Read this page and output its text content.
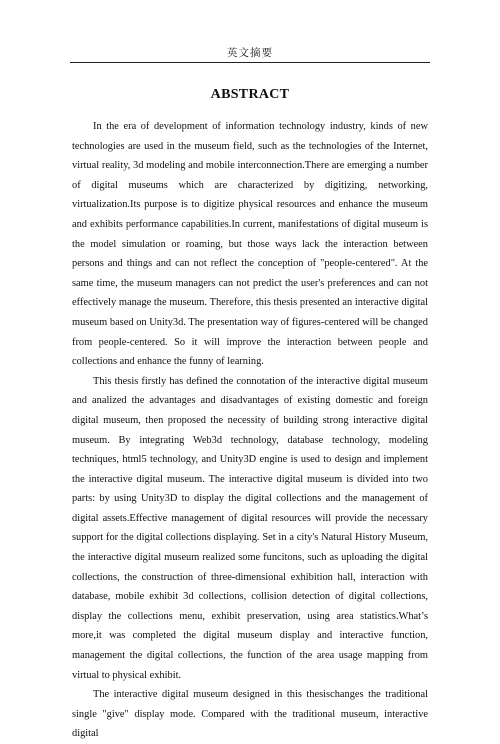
英文摘要
ABSTRACT

In the era of development of information technology industry, kinds of new technologies are used in the museum field, such as the technologies of the Internet, virtual reality, 3d modeling and mobile interconnection.There are emerging a number of digital museums which are characterized by digitizing, networking, virtualization.Its purpose is to digitize physical resources and enhance the museum and exhibits performance capabilities.In current, manifestations of digital museum is the model simulation or roaming, but those ways lack the interaction between persons and things and can not reflect the conception of "people-centered". At the same time, the museum managers can not predict the user's preferences and can not effectively manage the museum. Therefore, this thesis presented an interactive digital museum based on Unity3d. The presentation way of figures-centered will be changed from people-centered. So it will improve the interaction between people and collections and enhance the funny of learning.

This thesis firstly has defined the connotation of the interactive digital museum and analized the advantages and disadvantages of existing domestic and foreign digital museum, then proposed the necessity of building strong interactive digital museum. By integrating Web3d technology, database technology, modeling techniques, html5 technology, and Unity3D engine is used to design and implement the interactive digital museum. The interactive digital museum is divided into two parts: by using Unity3D to display the digital collections and the management of digital assets.Effective management of digital resources will provide the necessary support for the digital collections displaying. Set in a city's Natural History Museum, the interactive digital museum realized some funcitons, such as uploading the digital collections, the construction of three-dimensional exhibition hall, interaction with database, mobile exhibit 3d collections, collision detection of digital collections, display the collections menu, exhibit preservation, using area statistics.What’s more,it was completed the digital museum display and interactive function, management the digital collections, the function of the area usage mapping from virtual to physical exhibit.

The interactive digital museum designed in this thesischanges the traditional single "give" display mode. Compared with the traditional museum, interactive digital
